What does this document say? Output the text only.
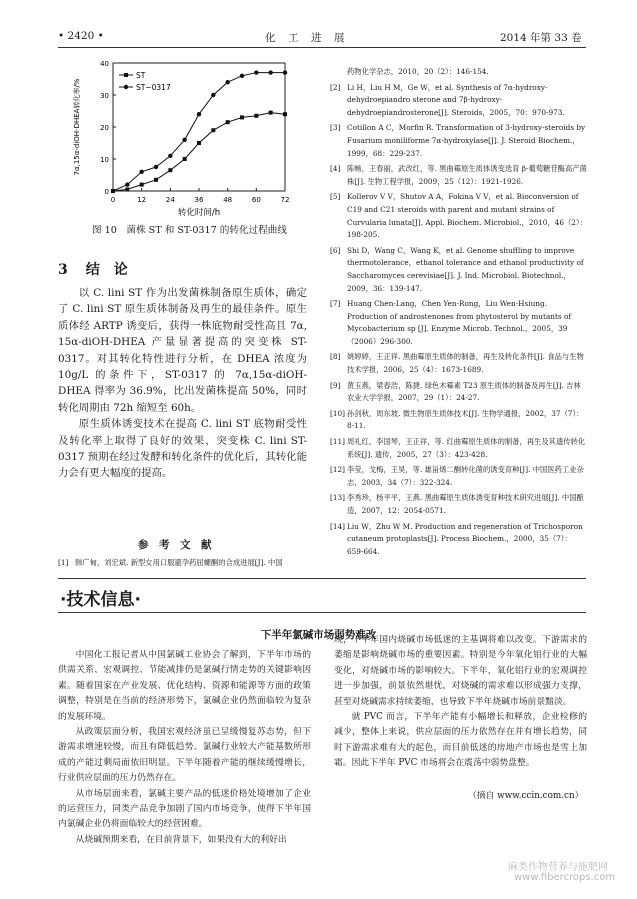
• 2420 •	化　工　进　展	2014 年第 33 卷
0
10
20
30
40
0	12	24	36	48	60	72
转化时间/h
7α,15α-diOH-DHEA转化率/%
ST
ST−0317
图 10　菌株 ST 和 ST-0317 的转化过程曲线
3 结　论

以 C. lini ST 作为出发菌株制备原生质体，确定了 C. lini ST 原生质体制备及再生的最佳条件。原生质体经 ARTP 诱变后，获得一株底物耐受性高且 7α, 15α-diOH-DHEA 产量显著提高的突变株 ST-0317。对其转化特性进行分析，在 DHEA 浓度为 10g/L 的条件下，ST-0317 的 7α,15α-diOH-DHEA 得率为 36.9%，比出发菌株提高 50%，同时转化周期由 72h 缩短至 60h。

原生质体诱变技术在提高 C. lini ST 底物耐受性及转化率上取得了良好的效果，突变株 C. lini ST-0317 预期在经过发酵和转化条件的优化后，其转化能力会有更大幅度的提高。

参　考　文　献
[1] 韩广甸，刘宏斌. 新型女用口服避孕药屈螺酮的合成进展[J]. 中国
药物化学杂志，2010，20（2）：146-154.
[2] Li H，Liu H M，Ge W，et al. Synthesis of 7α-hydroxy-dehydroepiandro sterone and 7β-hydroxy-dehydroepiandrosterone[J]. Steroids，2005，70：970-973.
[3] Cotillon A C，Morfin R. Transformation of 3-hydroxy-steroids by Fusarium moniliforme 7α-hydroxylase[J]. J. Steroid Biochem.，1999，68：229-237.
[4] 陈畅，王春丽，武改红，等. 黑曲霉原生质体诱变选育 β-葡萄糖苷酶高产菌株[J]. 生物工程学报，2009，25（12）：1921-1926.
[5] Kollerov V V，Shutov A A，Fokina V V，et al. Bioconversion of C19 and C21 steroids with parent and mutant strains of Curvularia lunata[J]. Appl. Biochem. Microbiol.，2010，46（2）：198-205.
[6] Shi D，Wang C，Wang K，et al. Genome shuffling to improve thermotolerance，ethanol tolerance and ethanol productivity of Saccharomyces cerevisiae[J]. J. Ind. Microbiol. Biotechnol.，2009，36：139-147.
[7] Huang Chen-Lang，Chen Yen-Rong，Liu Wen-Hsiung. Production of androstenones from phytosterol by mutants of Mycobacterium sp [J]. Enzyme Microb. Technol.，2005，39（2006）296-300.
[8] 姚婷婷，王正祥. 黑曲霉原生质体的制备，再生及转化条件[J]. 食品与生物技术学报，2006，25（4）：1673-1689.
[9] 黄玉燕，梁春浩，陈捷. 绿色木霉素 T23 原生质体的制备及再生[J]. 吉林农业大学学报，2007，29（1）：24-27.
[10] 孙剑秋，周东坡. 微生物原生质体技术[J]. 生物学通报，2002，37（7）：8-11.
[11] 周礼红，李国琴，王正祥，等. 红曲霉原生质体的制备，再生及其遗传转化系统[J]. 遗传，2005，27（3）：423-428.
[12] 李莹，戈梅，王昊，等. 雄甾烯二酮转化菌的诱变育种[J]. 中国医药工业杂志，2003，34（7）：322-324.
[13] 李秀珍，杨平平，王燕. 黑曲霉原生质体诱变育种技术研究进展[J]. 中国酿造，2007，12：2054-0571.
[14] Liu W，Zhu W M. Production and regeneration of Trichosporon cutaneum protoplasts[J]. Process Biochem.，2000，35（7）：659-664.
·技术信息·
下半年氯碱市场弱势难改

中国化工报记者从中国氯碱工业协会了解到，下半年市场的供需关系、宏观调控、节能减排仍是氯碱行情走势的关键影响因素。随着国家在产业发展、优化结构、资源和能源等方面的政策调整，特别是在当前的经济形势下，氯碱企业仍然面临较为复杂的发展环境。

从政策层面分析，我国宏观经济虽已呈缓慢复苏态势，但下游需求增速较慢，而且有降低趋势。氯碱行业较大产能基数所形成的产能过剩局面依旧明显。下半年随着产能的继续缓慢增长，行业供应层面的压力仍然存在。

从市场层面来看，氯碱主要产品的低迷价格处境增加了企业的运营压力，同类产品竞争加剧了国内市场竞争，使得下半年国内氯碱企业仍将面临较大的经营困难。

从烧碱预期来看，在目前背景下，如果没有大的利好出

现，下半年国内烧碱市场低迷的主基调将难以改变。下游需求的萎缩是影响烧碱市场的重要因素。特别是今年氧化铝行业的大幅变化，对烧碱市场的影响较大。下半年，氧化铝行业的宏观调控进一步加强，前景依然堪忧，对烧碱的需求难以形成强力支撑，甚至对烧碱需求持续萎缩，也导致下半年烧碱市场前景黯淡。

就 PVC 而言，下半年产能有小幅增长和释放，企业检修的减少，整体上来说，供应层面的压力依然存在并有增长趋势，同时下游需求难有大的起色，而目前低迷的房地产市场也是雪上加霜。因此下半年 PVC 市场将会在震荡中弱势盘整。

（摘自 www.ccin.com.cn）
麻类作物营养与施肥网
www.fibercrops.com
